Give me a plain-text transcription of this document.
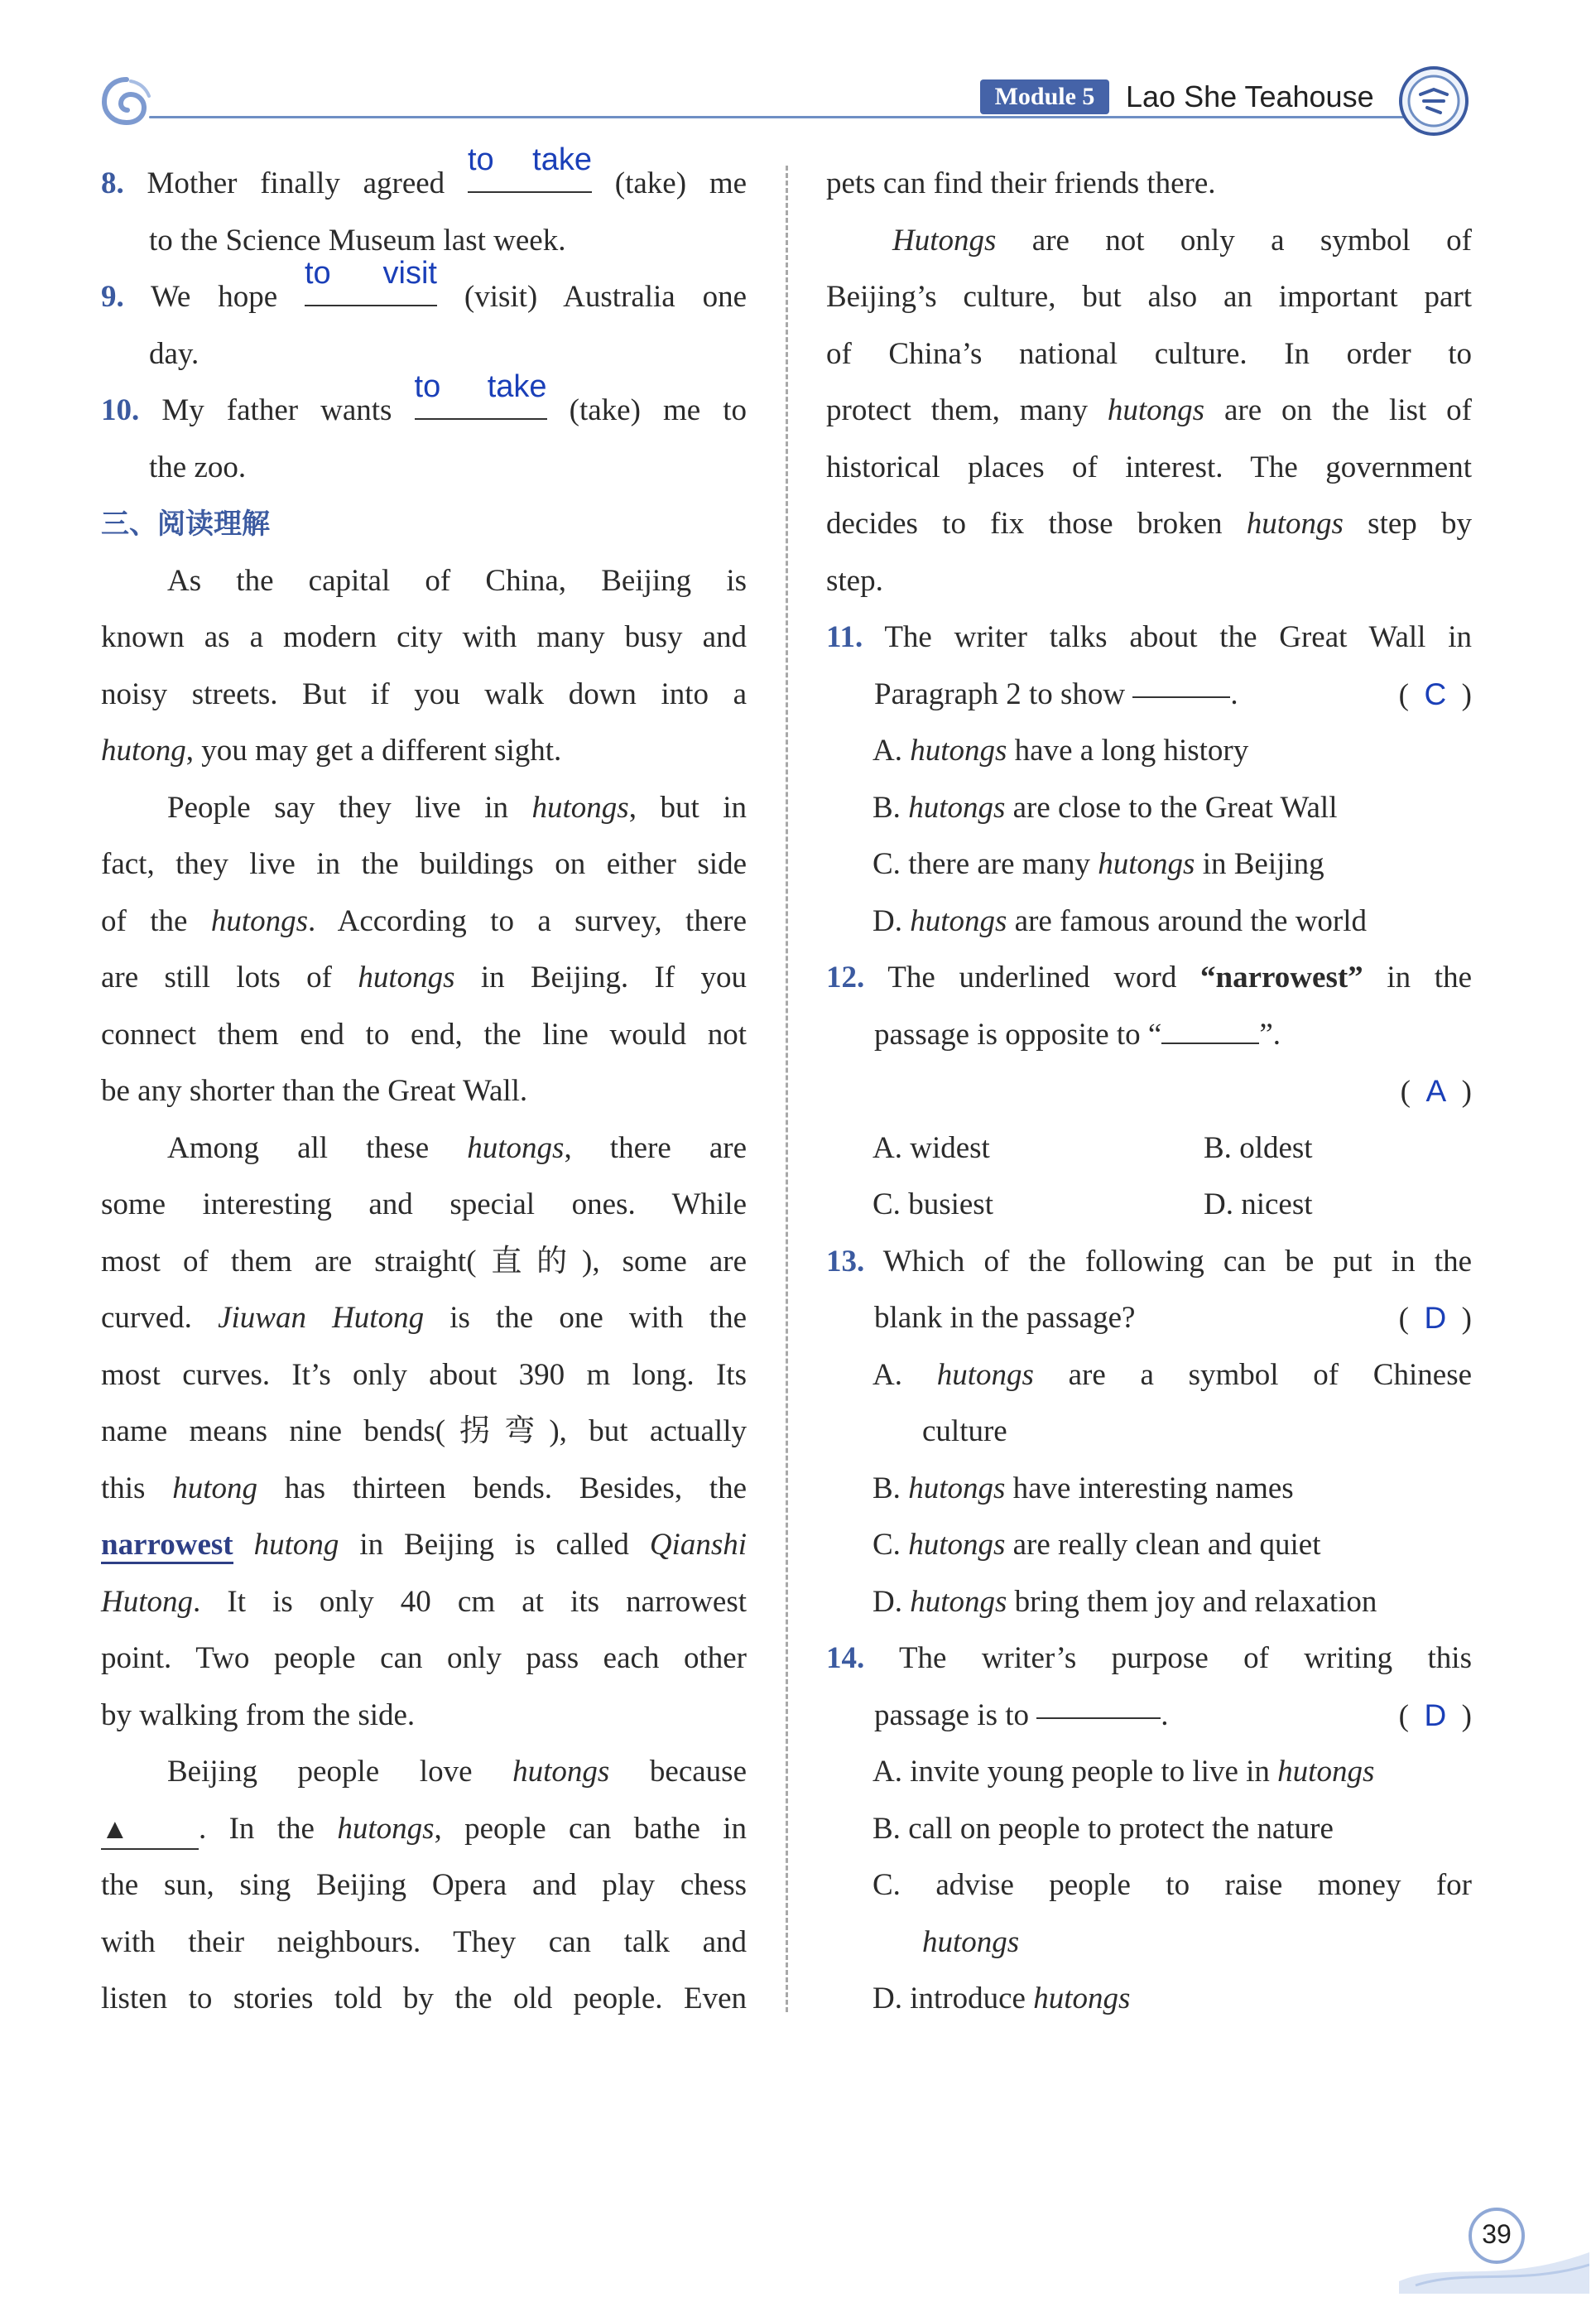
Module 5	Lao She Teahouse
8. Mother finally agreed
to take
(take) me
to the Science Museum last week.
9. We hope
to visit
(visit) Australia one
day.
10. My father wants
to take
(take) me to
the zoo.
三、阅读理解
As the capital of China, Beijing is
known as a modern city with many busy and
noisy streets. But if you walk down into a
hutong, you may get a different sight.
People say they live in hutongs, but in
fact, they live in the buildings on either side
of the hutongs. According to a survey, there
are still lots of hutongs in Beijing. If you
connect them end to end, the line would not
be any shorter than the Great Wall.
Among all these hutongs, there are
some interesting and special ones. While
most of them are straight(直的), some are
curved. Jiuwan Hutong is the one with the
most curves. It’s only about 390 m long. Its
name means nine bends(拐弯), but actually
this hutong has thirteen bends. Besides, the
narrowest hutong in Beijing is called Qianshi
Hutong. It is only 40 cm at its narrowest
point. Two people can only pass each other
by walking from the side.
Beijing people love hutongs because
▲ . In the hutongs, people can bathe in
the sun, sing Beijing Opera and play chess
with their neighbours. They can talk and
listen to stories told by the old people. Even
pets can find their friends there.
Hutongs are not only a symbol of
Beijing’s culture, but also an important part
of China’s national culture. In order to
protect them, many hutongs are on the list of
historical places of interest. The government
decides to fix those broken hutongs step by
step.
11. The writer talks about the Great Wall in
Paragraph 2 to show
	.	(  C  )
A. hutongs have a long history
B. hutongs are close to the Great Wall
C. there are many hutongs in Beijing
D. hutongs are famous around the world
12. The underlined word “narrowest” in the
passage is opposite to “	”.
(  A  )
A. widest	B. oldest
C. busiest	D. nicest
13. Which of the following can be put in the
blank in the passage?	(  D  )
A. hutongs are a symbol of Chinese
culture
B. hutongs have interesting names
C. hutongs are really clean and quiet
D. hutongs bring them joy and relaxation
14. The writer’s purpose of writing this
passage is to
	.	(  D  )
A. invite young people to live in hutongs
B. call on people to protect the nature
C. advise people to raise money for
hutongs
D. introduce hutongs
39
